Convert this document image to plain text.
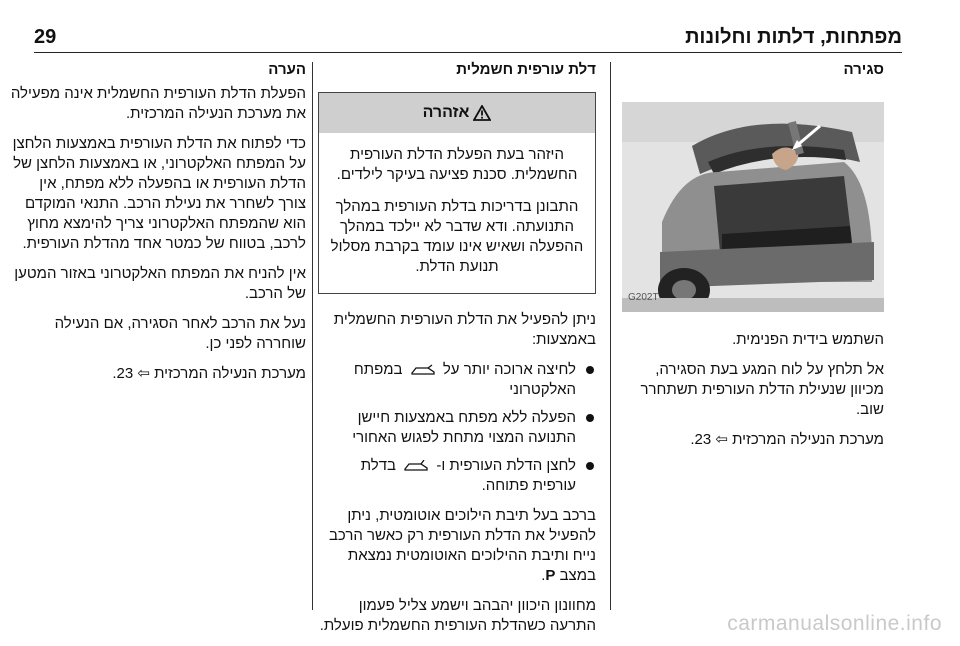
מפתחות, דלתות וחלונות
29
סגירה
G202T

השתמש בידית הפנימית.

אל תלחץ על לוח המגע בעת הסגירה, מכיוון שנעילת הדלת העורפית תשתחרר שוב.

מערכת הנעילה המרכזית ⇦ 23.

דלת עורפית חשמלית
אזהרה

היזהר בעת הפעלת הדלת העורפית החשמלית. סכנת פציעה בעיקר לילדים.

התבונן בדריכות בדלת העורפית במהלך התנועתה. ודא שדבר לא יילכד במהלך ההפעלה ושאיש אינו עומד בקרבת מסלול תנועת הדלת.

ניתן להפעיל את הדלת העורפית החשמלית באמצעות:

לחיצה ארוכה יותר על  במפתח האלקטרוני
הפעלה ללא מפתח באמצעות חיישן התנועה המצוי מתחת לפגוש האחורי
לחצן הדלת העורפית ו-  בדלת עורפית פתוחה.

ברכב בעל תיבת הילוכים אוטומטית, ניתן להפעיל את הדלת העורפית רק כאשר הרכב נייח ותיבת ההילוכים האוטומטית נמצאת במצב P.

מחוונון היכוון יהבהב וישמע צליל פעמון התרעה כשהדלת העורפית החשמלית פועלת.

הערה

הפעלת הדלת העורפית החשמלית אינה מפעילה את מערכת הנעילה המרכזית.

כדי לפתוח את הדלת העורפית באמצעות הלחצן על המפתח האלקטרוני, או באמצעות הלחצן של הדלת העורפית או בהפעלה ללא מפתח, אין צורך לשחרר את נעילת הרכב. התנאי המוקדם הוא שהמפתח האלקטרוני צריך להימצא מחוץ לרכב, בטווח של כמטר אחד מהדלת העורפית.

אין להניח את המפתח האלקטרוני באזור המטען של הרכב.

נעל את הרכב לאחר הסגירה, אם הנעילה שוחררה לפני כן.

מערכת הנעילה המרכזית ⇦ 23.

carmanualsonline.info
